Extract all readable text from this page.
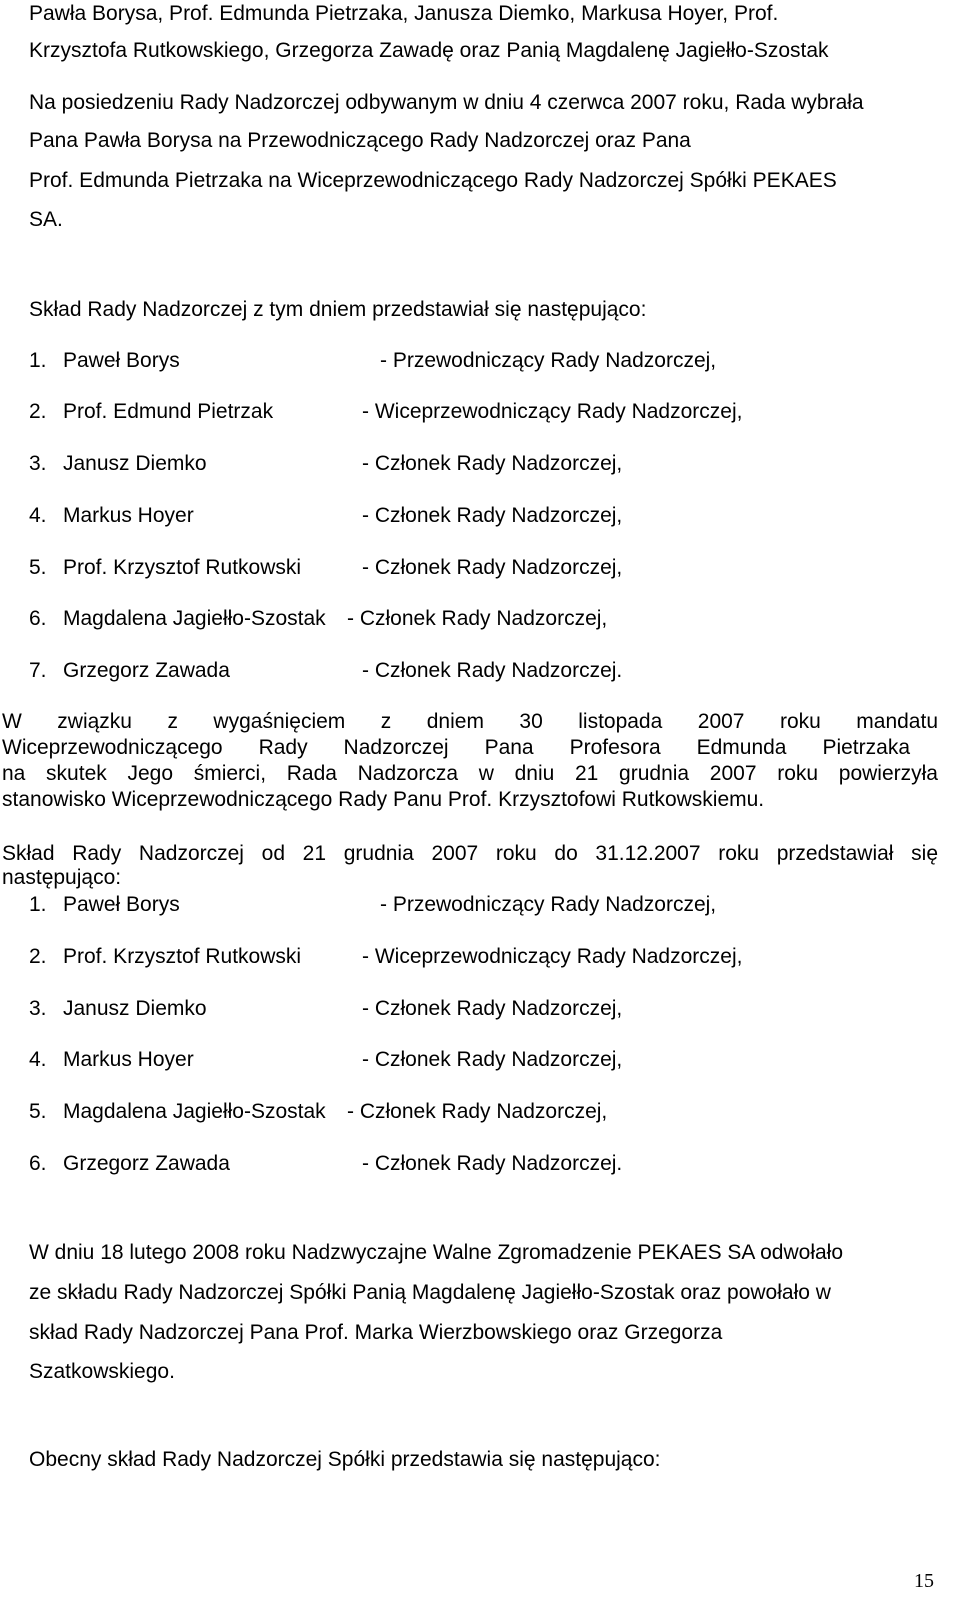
Pawła Borysa, Prof. Edmunda Pietrzaka, Janusza Diemko, Markusa Hoyer, Prof.
Krzysztofa Rutkowskiego, Grzegorza Zawadę oraz Panią Magdalenę Jagiełło-Szostak
Na posiedzeniu Rady Nadzorczej odbywanym w dniu 4 czerwca 2007 roku, Rada wybrała
Pana Pawła Borysa na Przewodniczącego Rady Nadzorczej oraz Pana
Prof. Edmunda Pietrzaka na Wiceprzewodniczącego Rady Nadzorczej Spółki PEKAES
SA.
Skład Rady Nadzorczej z tym dniem przedstawiał się następująco:
1. Paweł Borys	- Przewodniczący Rady Nadzorczej,
2. Prof. Edmund Pietrzak	- Wiceprzewodniczący Rady Nadzorczej,
3. Janusz Diemko	- Członek Rady Nadzorczej,
4. Markus Hoyer	- Członek Rady Nadzorczej,
5. Prof. Krzysztof Rutkowski	- Członek Rady Nadzorczej,
6. Magdalena Jagiełło-Szostak - Członek Rady Nadzorczej,
7. Grzegorz Zawada	- Członek Rady Nadzorczej.
W związku z wygaśnięciem z dniem 30 listopada 2007 roku mandatu
Wiceprzewodniczącego Rady Nadzorczej Pana Profesora Edmunda Pietrzaka
na skutek Jego śmierci, Rada Nadzorcza w dniu 21 grudnia 2007 roku powierzyła
stanowisko Wiceprzewodniczącego Rady Panu Prof. Krzysztofowi Rutkowskiemu.
Skład Rady Nadzorczej od 21 grudnia 2007 roku do 31.12.2007 roku przedstawiał się
następująco:
1. Paweł Borys	- Przewodniczący Rady Nadzorczej,
2. Prof. Krzysztof Rutkowski	- Wiceprzewodniczący Rady Nadzorczej,
3. Janusz Diemko	- Członek Rady Nadzorczej,
4. Markus Hoyer	- Członek Rady Nadzorczej,
5. Magdalena Jagiełło-Szostak - Członek Rady Nadzorczej,
6. Grzegorz Zawada	- Członek Rady Nadzorczej.
W dniu 18 lutego 2008 roku Nadzwyczajne Walne Zgromadzenie PEKAES SA odwołało
ze składu Rady Nadzorczej Spółki Panią Magdalenę Jagiełło-Szostak oraz powołało w
skład Rady Nadzorczej Pana Prof. Marka Wierzbowskiego oraz Grzegorza
Szatkowskiego.
Obecny skład Rady Nadzorczej Spółki przedstawia się następująco:
15
